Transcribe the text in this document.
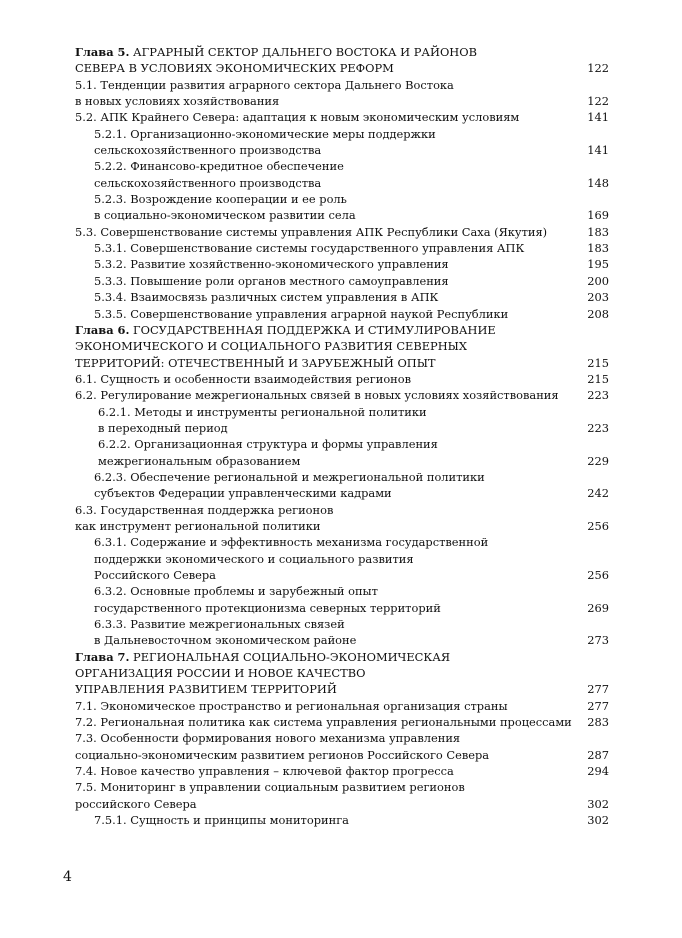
Глава 5. АГРАРНЫЙ СЕКТОР ДАЛЬНЕГО ВОСТОКА И РАЙОНОВ
СЕВЕРА В УСЛОВИЯХ ЭКОНОМИЧЕСКИХ РЕФОРМ	122
5.1. Тенденции развития аграрного сектора Дальнего Востока
в новых условиях хозяйствования	122
5.2. АПК Крайнего Севера: адаптация к новым экономическим условиям	141
5.2.1. Организационно-экономические меры поддержки
сельскохозяйственного производства	141
5.2.2. Финансово-кредитное обеспечение
сельскохозяйственного производства	148
5.2.3. Возрождение кооперации и ее роль
в социально-экономическом развитии села	169
5.3. Совершенствование системы управления АПК Республики Саха (Якутия)	183
5.3.1. Совершенствование системы государственного управления АПК	183
5.3.2. Развитие хозяйственно-экономического управления	195
5.3.3. Повышение роли органов местного самоуправления	200
5.3.4. Взаимосвязь различных систем управления в АПК	203
5.3.5. Совершенствование управления аграрной наукой Республики	208
Глава 6. ГОСУДАРСТВЕННАЯ ПОДДЕРЖКА И СТИМУЛИРОВАНИЕ
ЭКОНОМИЧЕСКОГО И СОЦИАЛЬНОГО РАЗВИТИЯ СЕВЕРНЫХ
ТЕРРИТОРИЙ: ОТЕЧЕСТВЕННЫЙ И ЗАРУБЕЖНЫЙ ОПЫТ	215
6.1. Сущность и особенности взаимодействия регионов	215
6.2. Регулирование межрегиональных связей в новых условиях хозяйствования	223
6.2.1. Методы и инструменты региональной политики
в переходный период	223
6.2.2. Организационная структура и формы управления
межрегиональным образованием	229
6.2.3. Обеспечение региональной и межрегиональной политики
субъектов Федерации управленческими кадрами	242
6.3. Государственная поддержка регионов
как инструмент региональной политики	256
6.3.1. Содержание и эффективность механизма государственной
поддержки экономического и социального развития
Российского Севера	256
6.3.2. Основные проблемы и зарубежный опыт
государственного протекционизма северных территорий	269
6.3.3. Развитие межрегиональных связей
в Дальневосточном экономическом районе	273
Глава 7. РЕГИОНАЛЬНАЯ СОЦИАЛЬНО-ЭКОНОМИЧЕСКАЯ
ОРГАНИЗАЦИЯ РОССИИ И НОВОЕ КАЧЕСТВО
УПРАВЛЕНИЯ РАЗВИТИЕМ ТЕРРИТОРИЙ	277
7.1. Экономическое пространство и региональная организация страны	277
7.2. Региональная политика как система управления региональными процессами 283
7.3. Особенности формирования нового механизма управления
социально-экономическим развитием регионов Российского Севера	287
7.4. Новое качество управления – ключевой фактор прогресса	294
7.5. Мониторинг в управлении социальным развитием регионов
российского Севера	302
7.5.1. Сущность и принципы мониторинга	302
4
